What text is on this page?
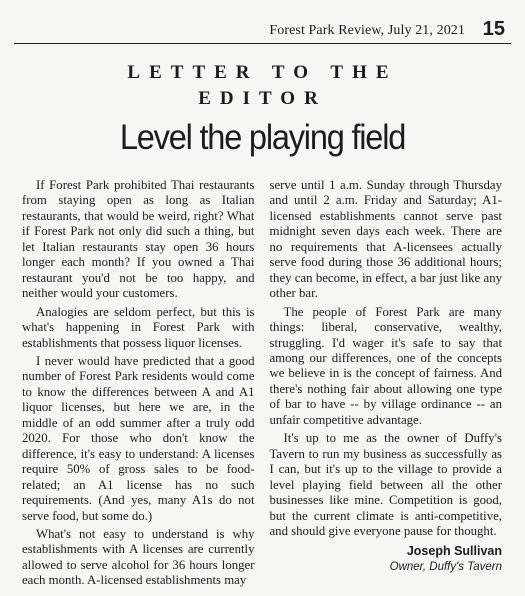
Forest Park Review, July 21, 2021 15
LETTER TO THE
EDITOR
Level the playing field

If Forest Park prohibited Thai restaurants from staying open as long as Italian restaurants, that would be weird, right? What if Forest Park not only did such a thing, but let Italian restaurants stay open 36 hours longer each month? If you owned a Thai restaurant you'd not be too happy, and neither would your customers.

Analogies are seldom perfect, but this is what's happening in Forest Park with establishments that possess liquor licenses.

I never would have predicted that a good number of Forest Park residents would come to know the differences between A and A1 liquor licenses, but here we are, in the middle of an odd summer after a truly odd 2020. For those who don't know the difference, it's easy to understand: A licenses require 50% of gross sales to be food-related; an A1 license has no such requirements. (And yes, many A1s do not serve food, but some do.)

What's not easy to understand is why establishments with A licenses are currently allowed to serve alcohol for 36 hours longer each month. A-licensed establishments may

serve until 1 a.m. Sunday through Thursday and until 2 a.m. Friday and Saturday; A1-licensed establishments cannot serve past midnight seven days each week. There are no requirements that A-licensees actually serve food during those 36 additional hours; they can become, in effect, a bar just like any other bar.

The people of Forest Park are many things: liberal, conservative, wealthy, struggling. I'd wager it's safe to say that among our differences, one of the concepts we believe in is the concept of fairness. And there's nothing fair about allowing one type of bar to have -- by village ordinance -- an unfair competitive advantage.

It's up to me as the owner of Duffy's Tavern to run my business as successfully as I can, but it's up to the village to provide a level playing field between all the other businesses like mine. Competition is good, but the current climate is anti-competitive, and should give everyone pause for thought.

Joseph Sullivan
Owner, Duffy's Tavern
